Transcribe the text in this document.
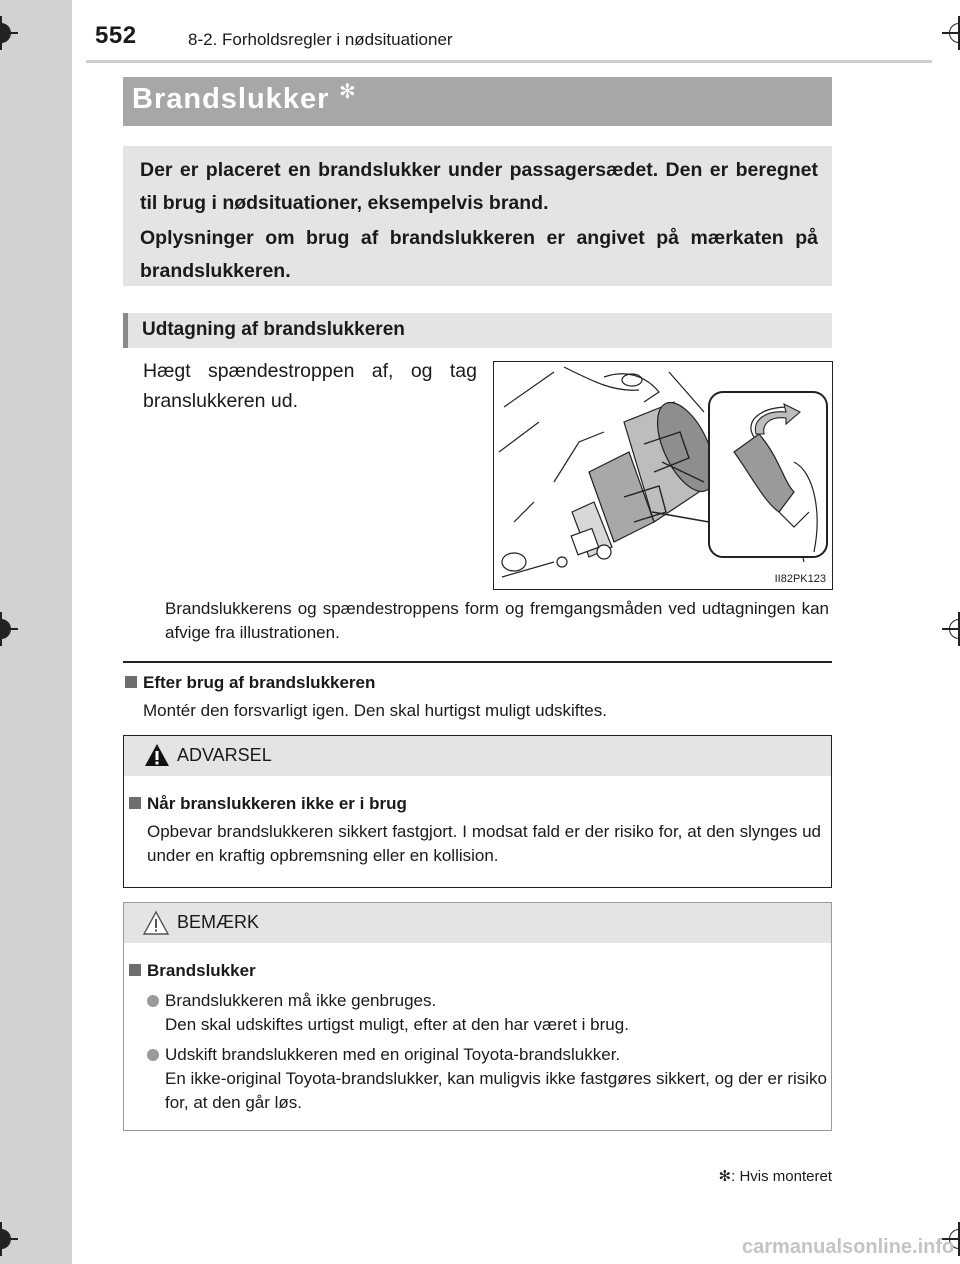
552	8-2. Forholdsregler i nødsituationer
Brandslukker ✻

Der er placeret en brandslukker under passagersædet. Den er beregnet til brug i nødsituationer, eksempelvis brand.

Oplysninger om brug af brandslukkeren er angivet på mærkaten på brandslukkeren.

Udtagning af brandslukkeren
Hægt spændestroppen af, og tag branslukkeren ud.
II82PK123
Brandslukkerens og spændestroppens form og fremgangsmåden ved udtagningen kan afvige fra illustrationen.
Efter brug af brandslukkeren
Montér den forsvarligt igen. Den skal hurtigst muligt udskiftes.
ADVARSEL
Når branslukkeren ikke er i brug
Opbevar brandslukkeren sikkert fastgjort. I modsat fald er der risiko for, at den slynges ud under en kraftig opbremsning eller en kollision.
BEMÆRK
Brandslukker
Brandslukkeren må ikke genbruges.
Den skal udskiftes urtigst muligt, efter at den har været i brug.
Udskift brandslukkeren med en original Toyota-brandslukker.
En ikke-original Toyota-brandslukker, kan muligvis ikke fastgøres sikkert, og der er risiko for, at den går løs.
✻: Hvis monteret
carmanualsonline.info
